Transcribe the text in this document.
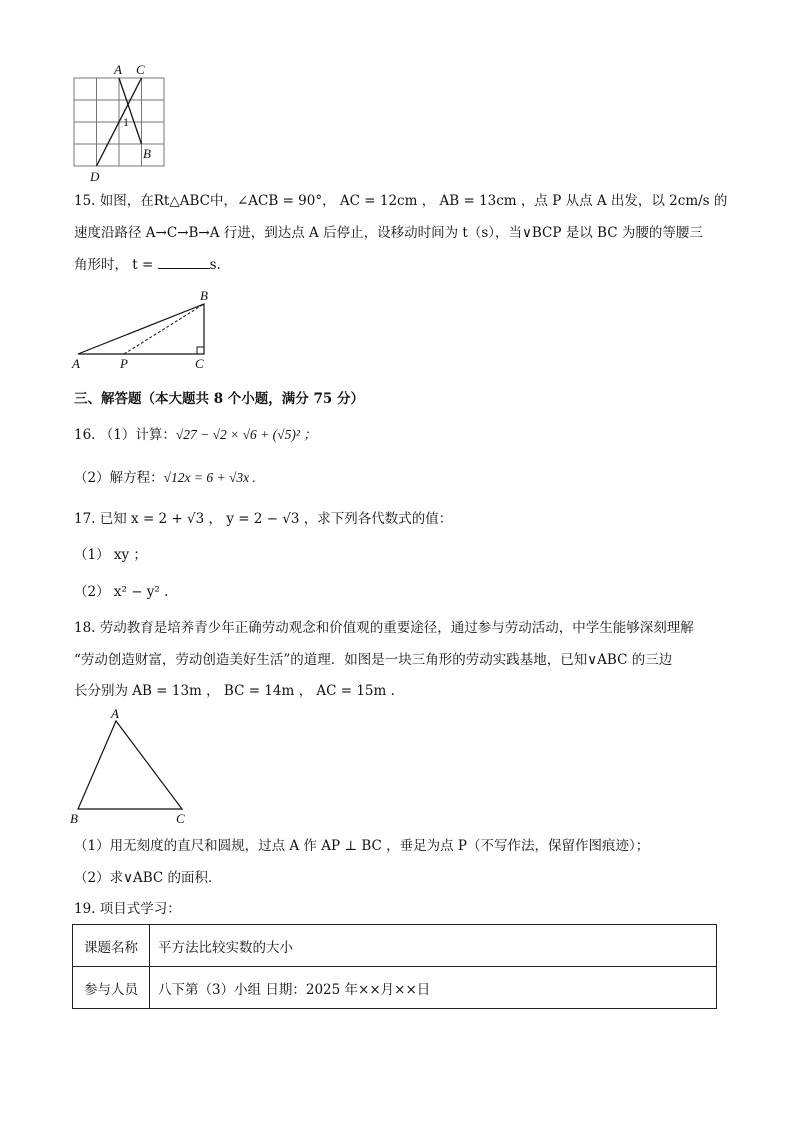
A C
1
B
D
15. 如图，在Rt△ABC中，∠ACB = 90°， AC = 12cm ， AB = 13cm ，点 P 从点 A 出发，以 2cm/s 的
速度沿路径 A→C→B→A 行进，到达点 A 后停止，设移动时间为 t（s），当∨BCP 是以 BC 为腰的等腰三
角形时， t =	s.
B
A	P	C
三、解答题（本大题共 8 个小题，满分 75 分）
16. （1）计算：√27 − √2 × √6 + (√5)² ；
（2）解方程：√12x = 6 + √3x .
17. 已知 x = 2 + √3 ， y = 2 − √3 ，求下列各代数式的值：
（1） xy ；
（2） x² − y² .
18. 劳动教育是培养青少年正确劳动观念和价值观的重要途径，通过参与劳动活动，中学生能够深刻理解
“劳动创造财富，劳动创造美好生活”的道理．如图是一块三角形的劳动实践基地，已知∨ABC 的三边
长分别为 AB = 13m ， BC = 14m ， AC = 15m .
A
B	C
（1）用无刻度的直尺和圆规，过点 A 作 AP ⊥ BC ，垂足为点 P（不写作法，保留作图痕迹）；
（2）求∨ABC 的面积．
19. 项目式学习：
课题名称	平方法比较实数的大小
参与人员	八下第（3）小组 日期：2025 年××月××日
